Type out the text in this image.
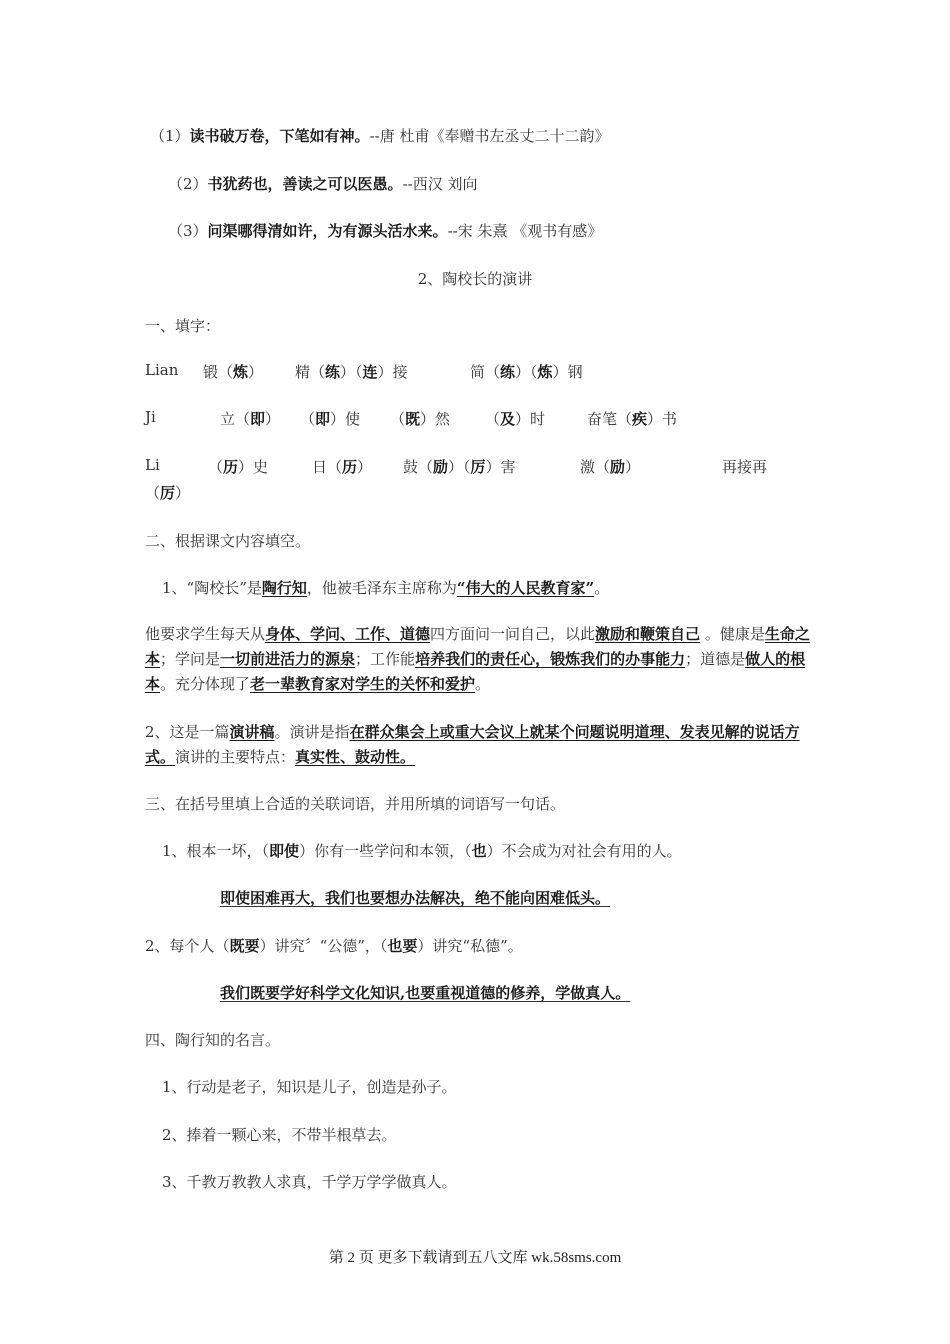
（1）读书破万卷，下笔如有神。--唐 杜甫《奉赠书左丞丈二十二韵》
（2）书犹药也，善读之可以医愚。--西汉 刘向
（3）问渠哪得清如许，为有源头活水来。--宋 朱熹 《观书有感》
2、陶校长的演讲
一、填字：
Lian 锻（炼） 精（练）（连）接	简（练）（炼）钢
Ji	立（即） （即）使 （既）然 （及）时	奋笔（疾）书
Li	（历）史	日（历） 鼓（励）（厉）害	激（励）	再接再
（厉）
二、根据课文内容填空。
1、“陶校长”是陶行知，他被毛泽东主席称为“伟大的人民教育家”。
他要求学生每天从身体、学问、工作、道德四方面问一问自己，以此激励和鞭策自己 。健康是生命之本；学问是一切前进活力的源泉；工作能培养我们的责任心，锻炼我们的办事能力；道德是做人的根本。充分体现了老一辈教育家对学生的关怀和爱护。
2、这是一篇演讲稿。演讲是指在群众集会上或重大会议上就某个问题说明道理、发表见解的说话方式。演讲的主要特点：真实性、鼓动性。
三、在括号里填上合适的关联词语，并用所填的词语写一句话。
1、根本一坏，（即使）你有一些学问和本领，（也）不会成为对社会有用的人。
即使困难再大，我们也要想办法解决，绝不能向困难低头。
2、每个人（既要）讲究〞“公德”，（也要）讲究“私德”。
我们既要学好科学文化知识,也要重视道德的修养，学做真人。
四、陶行知的名言。
1、行动是老子，知识是儿子，创造是孙子。
2、捧着一颗心来，不带半根草去。
3、千教万教教人求真，千学万学学做真人。
第 2 页 更多下载请到五八文库 wk.58sms.com
